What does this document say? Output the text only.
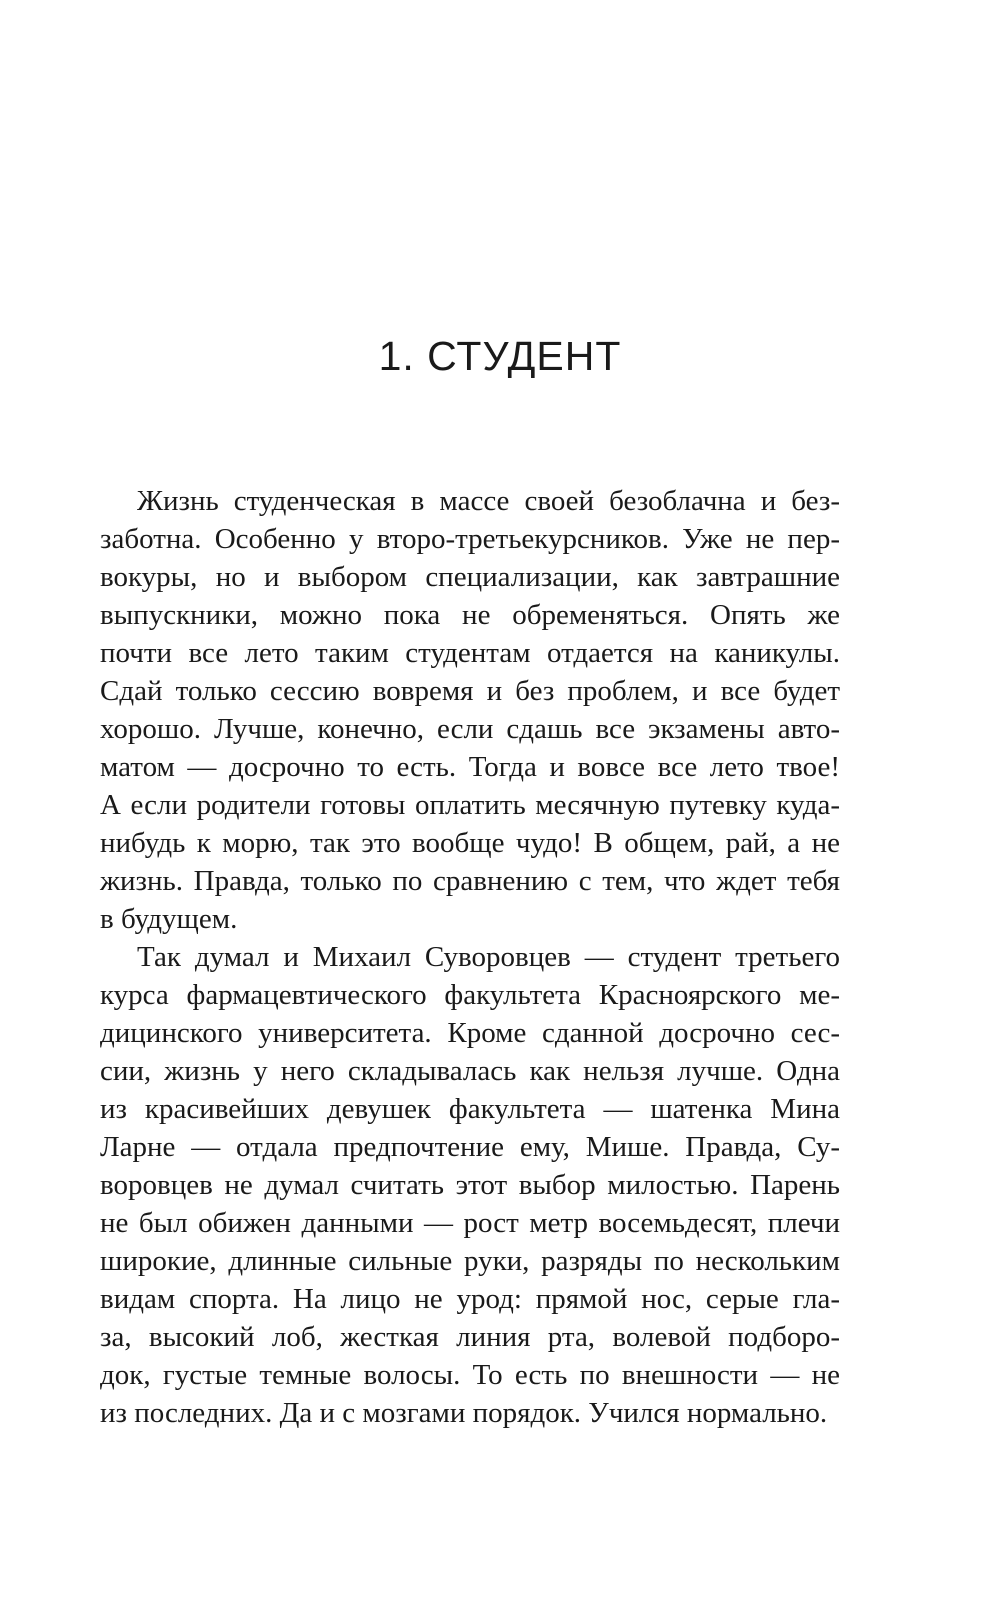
1. СТУДЕНТ
Жизнь студенческая в массе своей безоблачна и без-
заботна. Особенно у второ-третьекурсников. Уже не пер-
вокуры, но и выбором специализации, как завтрашние
выпускники, можно пока не обременяться. Опять же
почти все лето таким студентам отдается на каникулы.
Сдай только сессию вовремя и без проблем, и все будет
хорошо. Лучше, конечно, если сдашь все экзамены авто-
матом — досрочно то есть. Тогда и вовсе все лето твое!
А если родители готовы оплатить месячную путевку куда-
нибудь к морю, так это вообще чудо! В общем, рай, а не
жизнь. Правда, только по сравнению с тем, что ждет тебя
в будущем.
Так думал и Михаил Суворовцев — студент третьего
курса фармацевтического факультета Красноярского ме-
дицинского университета. Кроме сданной досрочно сес-
сии, жизнь у него складывалась как нельзя лучше. Одна
из красивейших девушек факультета — шатенка Мина
Ларне — отдала предпочтение ему, Мише. Правда, Су-
воровцев не думал считать этот выбор милостью. Парень
не был обижен данными — рост метр восемьдесят, плечи
широкие, длинные сильные руки, разряды по нескольким
видам спорта. На лицо не урод: прямой нос, серые гла-
за, высокий лоб, жесткая линия рта, волевой подборо-
док, густые темные волосы. То есть по внешности — не
из последних. Да и с мозгами порядок. Учился нормально.
